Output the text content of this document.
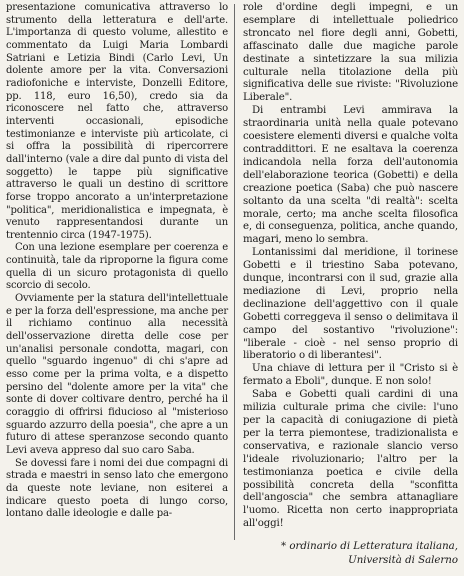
presentazione comunicativa attraverso lo strumento della letteratura e dell'arte. L'importanza di questo volume, allestito e commentato da Luigi Maria Lombardi Satriani e Letizia Bindi (Carlo Levi, Un dolente amore per la vita. Conversazioni radiofoniche e interviste, Donzelli Editore, pp. 118, euro 16,50), credo sia da riconoscere nel fatto che, attraverso interventi occasionali, episodiche testimonianze e interviste più articolate, ci si offra la possibilità di ripercorrere dall'interno (vale a dire dal punto di vista del soggetto) le tappe più significative attraverso le quali un destino di scrittore forse troppo ancorato a un'interpretazione "politica", meridionalistica e impegnata, è venuto rappresentandosi durante un trentennio circa (1947-1975).

Con una lezione esemplare per coerenza e continuità, tale da riproporne la figura come quella di un sicuro protagonista di quello scorcio di secolo.

Ovviamente per la statura dell'intellettuale e per la forza dell'espressione, ma anche per il richiamo continuo alla necessità dell'osservazione diretta delle cose per un'analisi personale condotta, magari, con quello "sguardo ingenuo" di chi s'apre ad esso come per la prima volta, e a dispetto persino del "dolente amore per la vita" che sonte di dover coltivare dentro, perché ha il coraggio di offrirsi fiducioso al "misterioso sguardo azzurro della poesia", che apre a un futuro di attese speranzose secondo quanto Levi aveva appreso dal suo caro Saba.

Se dovessi fare i nomi dei due compagni di strada e maestri in senso lato che emergono da queste note leviane, non esiterei a indicare questo poeta di lungo corso, lontano dalle ideologie e dalle pa-

role d'ordine degli impegni, e un esemplare di intellettuale poliedrico stroncato nel fiore degli anni, Gobetti, affascinato dalle due magiche parole destinate a sintetizzare la sua milizia culturale nella titolazione della più significativa delle sue riviste: "Rivoluzione Liberale".

Di entrambi Levi ammirava la straordinaria unità nella quale potevano coesistere elementi diversi e qualche volta contraddittori. E ne esaltava la coerenza indicandola nella forza dell'autonomia dell'elaborazione teorica (Gobetti) e della creazione poetica (Saba) che può nascere soltanto da una scelta "di realtà": scelta morale, certo; ma anche scelta filosofica e, di conseguenza, politica, anche quando, magari, meno lo sembra.

Lontanissimi dal meridione, il torinese Gobetti e il triestino Saba potevano, dunque, incontrarsi con il sud, grazie alla mediazione di Levi, proprio nella declinazione dell'aggettivo con il quale Gobetti correggeva il senso o delimitava il campo del sostantivo "rivoluzione": "liberale - cioè - nel senso proprio di liberatorio o di liberantesi".

Una chiave di lettura per il "Cristo si è fermato a Eboli", dunque. E non solo!

Saba e Gobetti quali cardini di una milizia culturale prima che civile: l'uno per la capacità di coniugazione di pietà per la terra piemontese, tradizionalista e conservativa, e razionale slancio verso l'ideale rivoluzionario; l'altro per la testimonianza poetica e civile della possibilità concreta della "sconfitta dell'angoscia" che sembra attanagliare l'uomo. Ricetta non certo inappropriata all'oggi!

* ordinario di Letteratura italiana,
Università di Salerno
